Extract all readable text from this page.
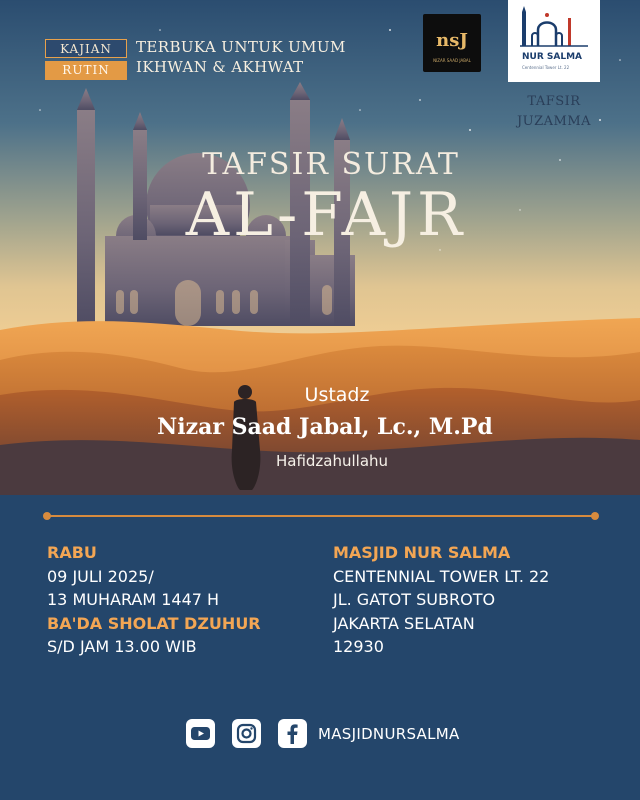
KAJIAN
RUTIN
TERBUKA UNTUK UMUM
IKHWAN & AKHWAT
nsJ
NIZAR SAAD JABAL	NUR SALMA
Centennial Tower Lt. 22
TAFSIR
JUZAMMA
TAFSIR SURAT
AL-FAJR
Ustadz
Nizar Saad Jabal, Lc., M.Pd
Hafidzahullahu
RABU
09 JULI 2025/
13 MUHARAM 1447 H
BA'DA SHOLAT DZUHUR
S/D JAM 13.00 WIB
MASJID NUR SALMA
CENTENNIAL TOWER LT. 22
JL. GATOT SUBROTO
JAKARTA SELATAN
12930
MASJIDNURSALMA
